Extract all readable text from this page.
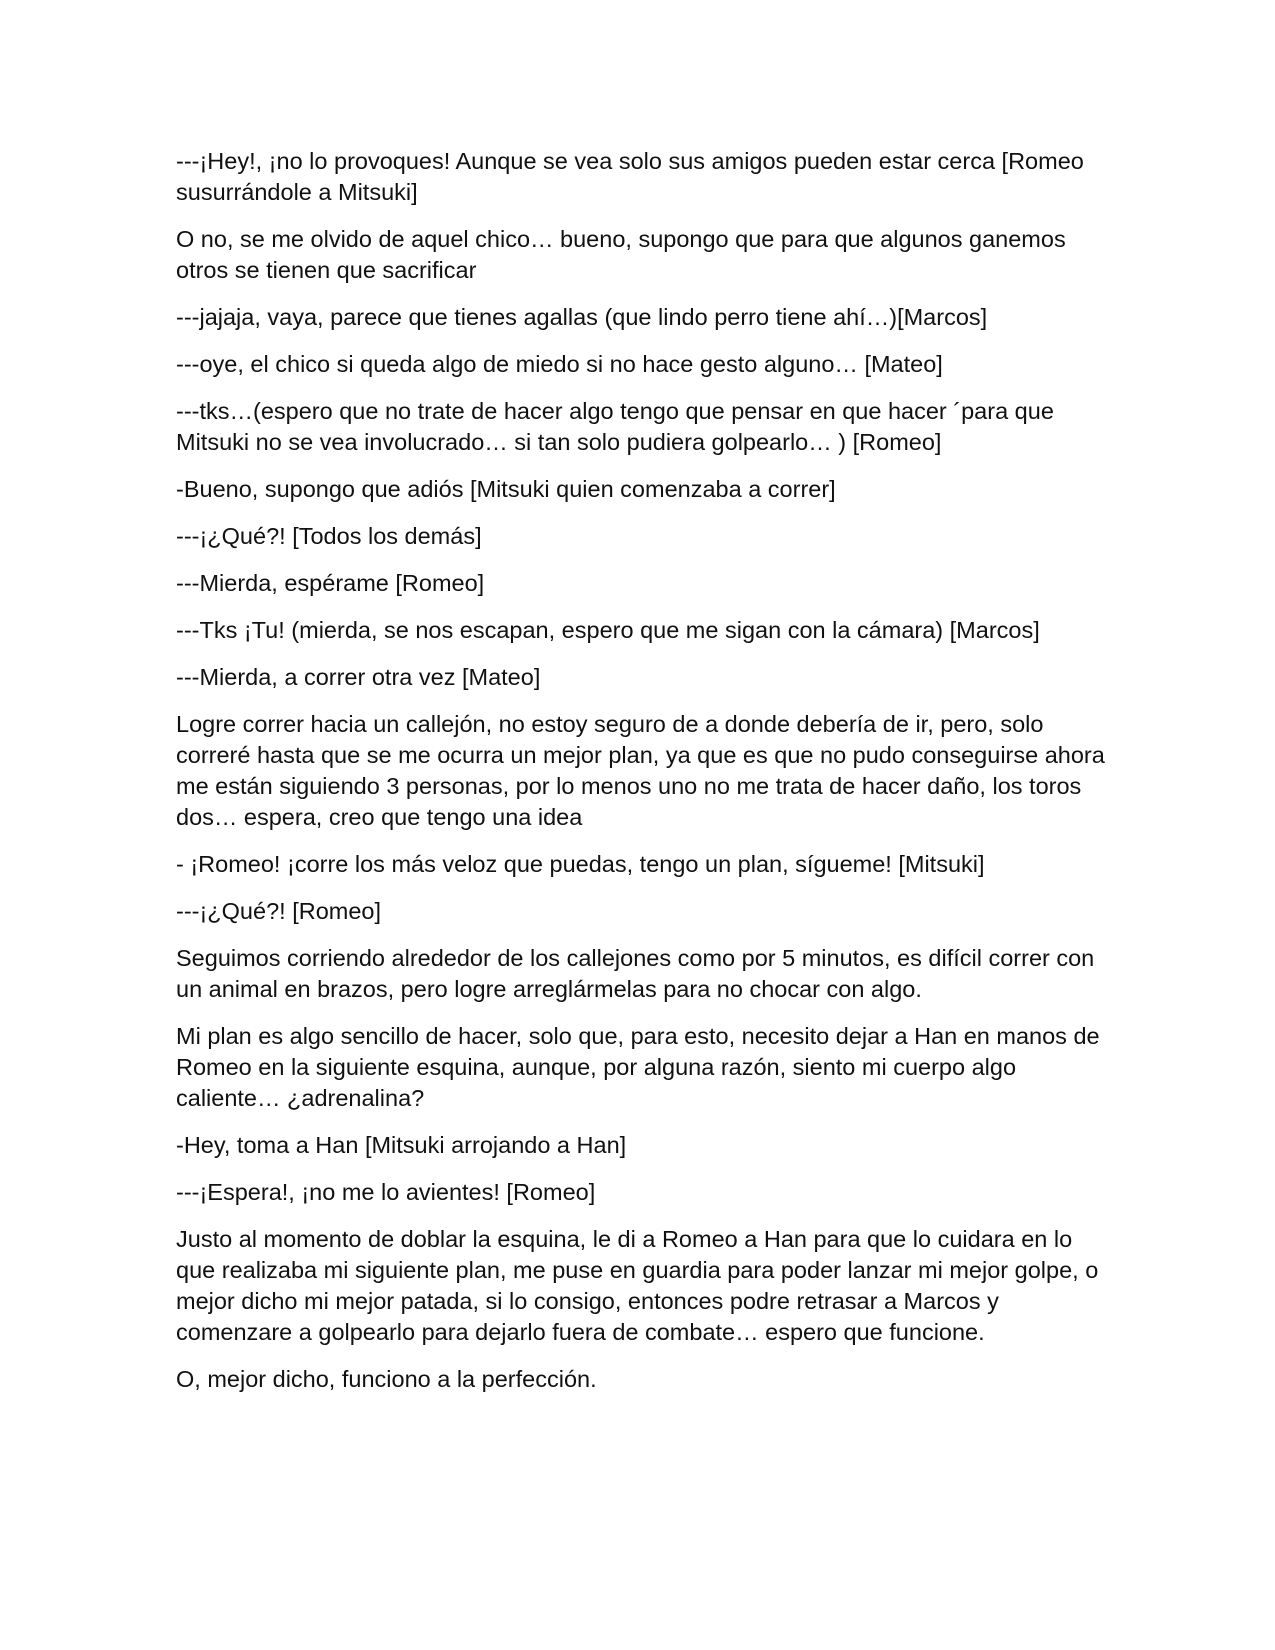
---¡Hey!, ¡no lo provoques! Aunque se vea solo sus amigos pueden estar cerca [Romeo susurrándole a Mitsuki]

O no, se me olvido de aquel chico… bueno, supongo que para que algunos ganemos otros se tienen que sacrificar

---jajaja, vaya, parece que tienes agallas (que lindo perro tiene ahí…)[Marcos]

---oye, el chico si queda algo de miedo si no hace gesto alguno… [Mateo]

---tks…(espero que no trate de hacer algo tengo que pensar en que hacer ´para que Mitsuki no se vea involucrado… si tan solo pudiera golpearlo… ) [Romeo]

-Bueno, supongo que adiós [Mitsuki quien comenzaba a correr]

---¡¿Qué?! [Todos los demás]

---Mierda, espérame [Romeo]

---Tks ¡Tu! (mierda, se nos escapan, espero que me sigan con la cámara) [Marcos]

---Mierda, a correr otra vez [Mateo]

Logre correr hacia un callejón, no estoy seguro de a donde debería de ir, pero, solo correré hasta que se me ocurra un mejor plan, ya que es que no pudo conseguirse ahora me están siguiendo 3 personas, por lo menos uno no me trata de hacer daño, los toros dos… espera, creo que tengo una idea

- ¡Romeo! ¡corre los más veloz que puedas, tengo un plan, sígueme! [Mitsuki]

---¡¿Qué?! [Romeo]

Seguimos corriendo alrededor de los callejones como por 5 minutos, es difícil correr con un animal en brazos, pero logre arreglármelas para no chocar con algo.

Mi plan es algo sencillo de hacer, solo que, para esto, necesito dejar a Han en manos de Romeo en la siguiente esquina, aunque, por alguna razón, siento mi cuerpo algo caliente… ¿adrenalina?

-Hey, toma a Han [Mitsuki arrojando a Han]

---¡Espera!, ¡no me lo avientes! [Romeo]

Justo al momento de doblar la esquina, le di a Romeo a Han para que lo cuidara en lo que realizaba mi siguiente plan, me puse en guardia para poder lanzar mi mejor golpe, o mejor dicho mi mejor patada, si lo consigo, entonces podre retrasar a Marcos y comenzare a golpearlo para dejarlo fuera de combate… espero que funcione.

O, mejor dicho, funciono a la perfección.
